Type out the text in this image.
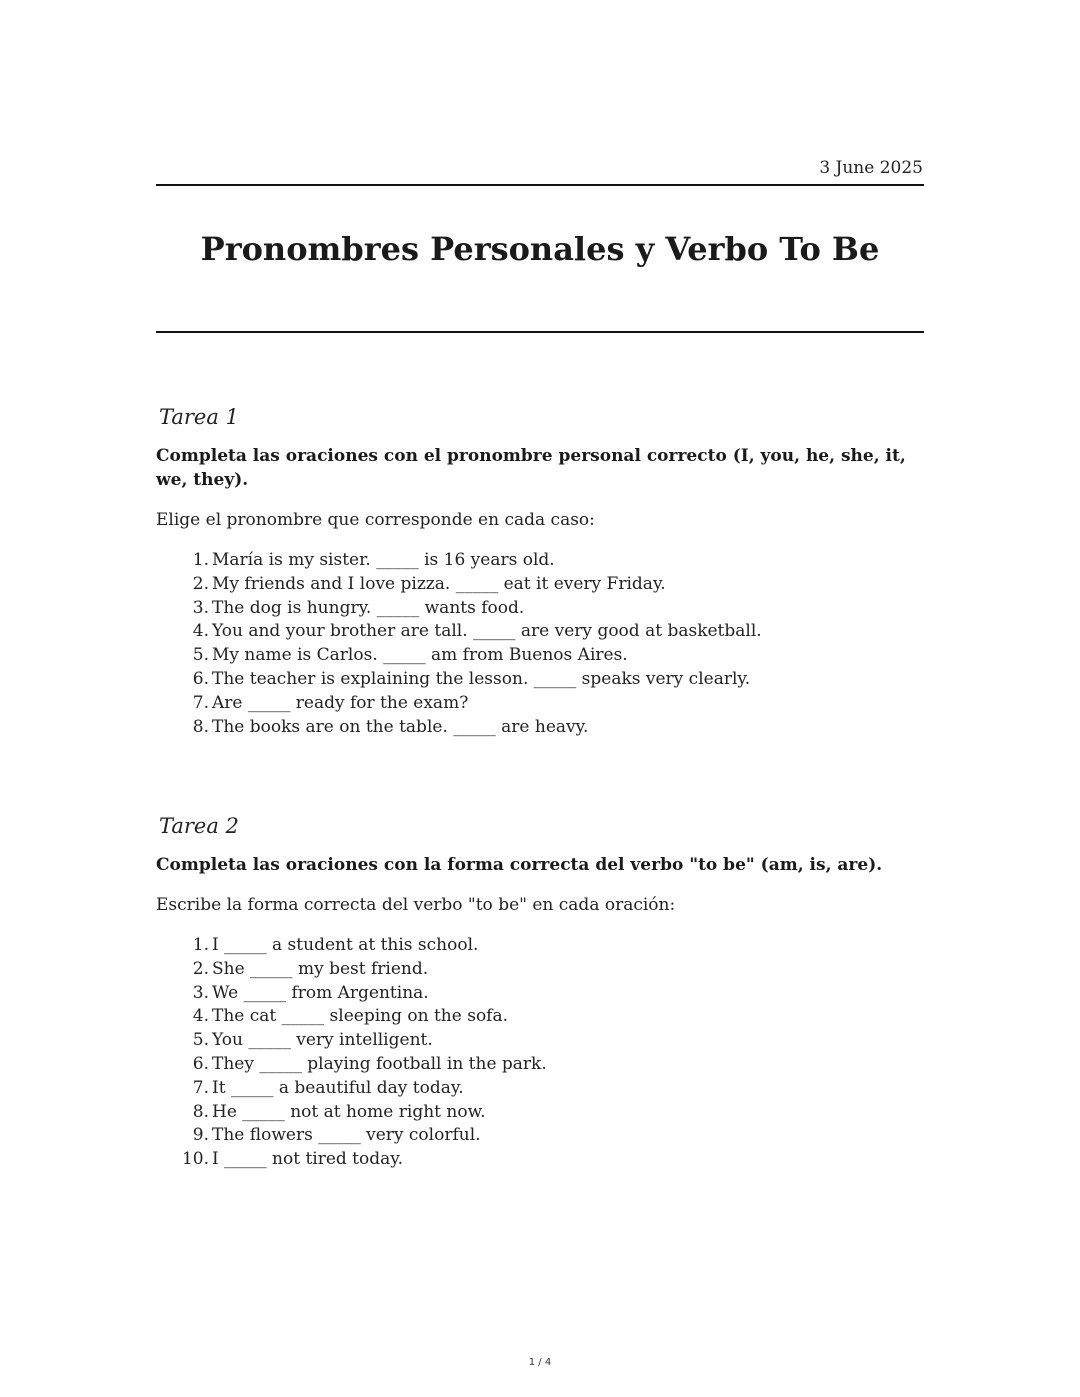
3 June 2025
Pronombres Personales y Verbo To Be
Tarea 1

Completa las oraciones con el pronombre personal correcto (I, you, he, she, it, we, they).

Elige el pronombre que corresponde en cada caso:

1. María is my sister. _____ is 16 years old.
2. My friends and I love pizza. _____ eat it every Friday.
3. The dog is hungry. _____ wants food.
4. You and your brother are tall. _____ are very good at basketball.
5. My name is Carlos. _____ am from Buenos Aires.
6. The teacher is explaining the lesson. _____ speaks very clearly.
7. Are _____ ready for the exam?
8. The books are on the table. _____ are heavy.
Tarea 2

Completa las oraciones con la forma correcta del verbo "to be" (am, is, are).

Escribe la forma correcta del verbo "to be" en cada oración:

1. I _____ a student at this school.
2. She _____ my best friend.
3. We _____ from Argentina.
4. The cat _____ sleeping on the sofa.
5. You _____ very intelligent.
6. They _____ playing football in the park.
7. It _____ a beautiful day today.
8. He _____ not at home right now.
9. The flowers _____ very colorful.
10. I _____ not tired today.
1 / 4
